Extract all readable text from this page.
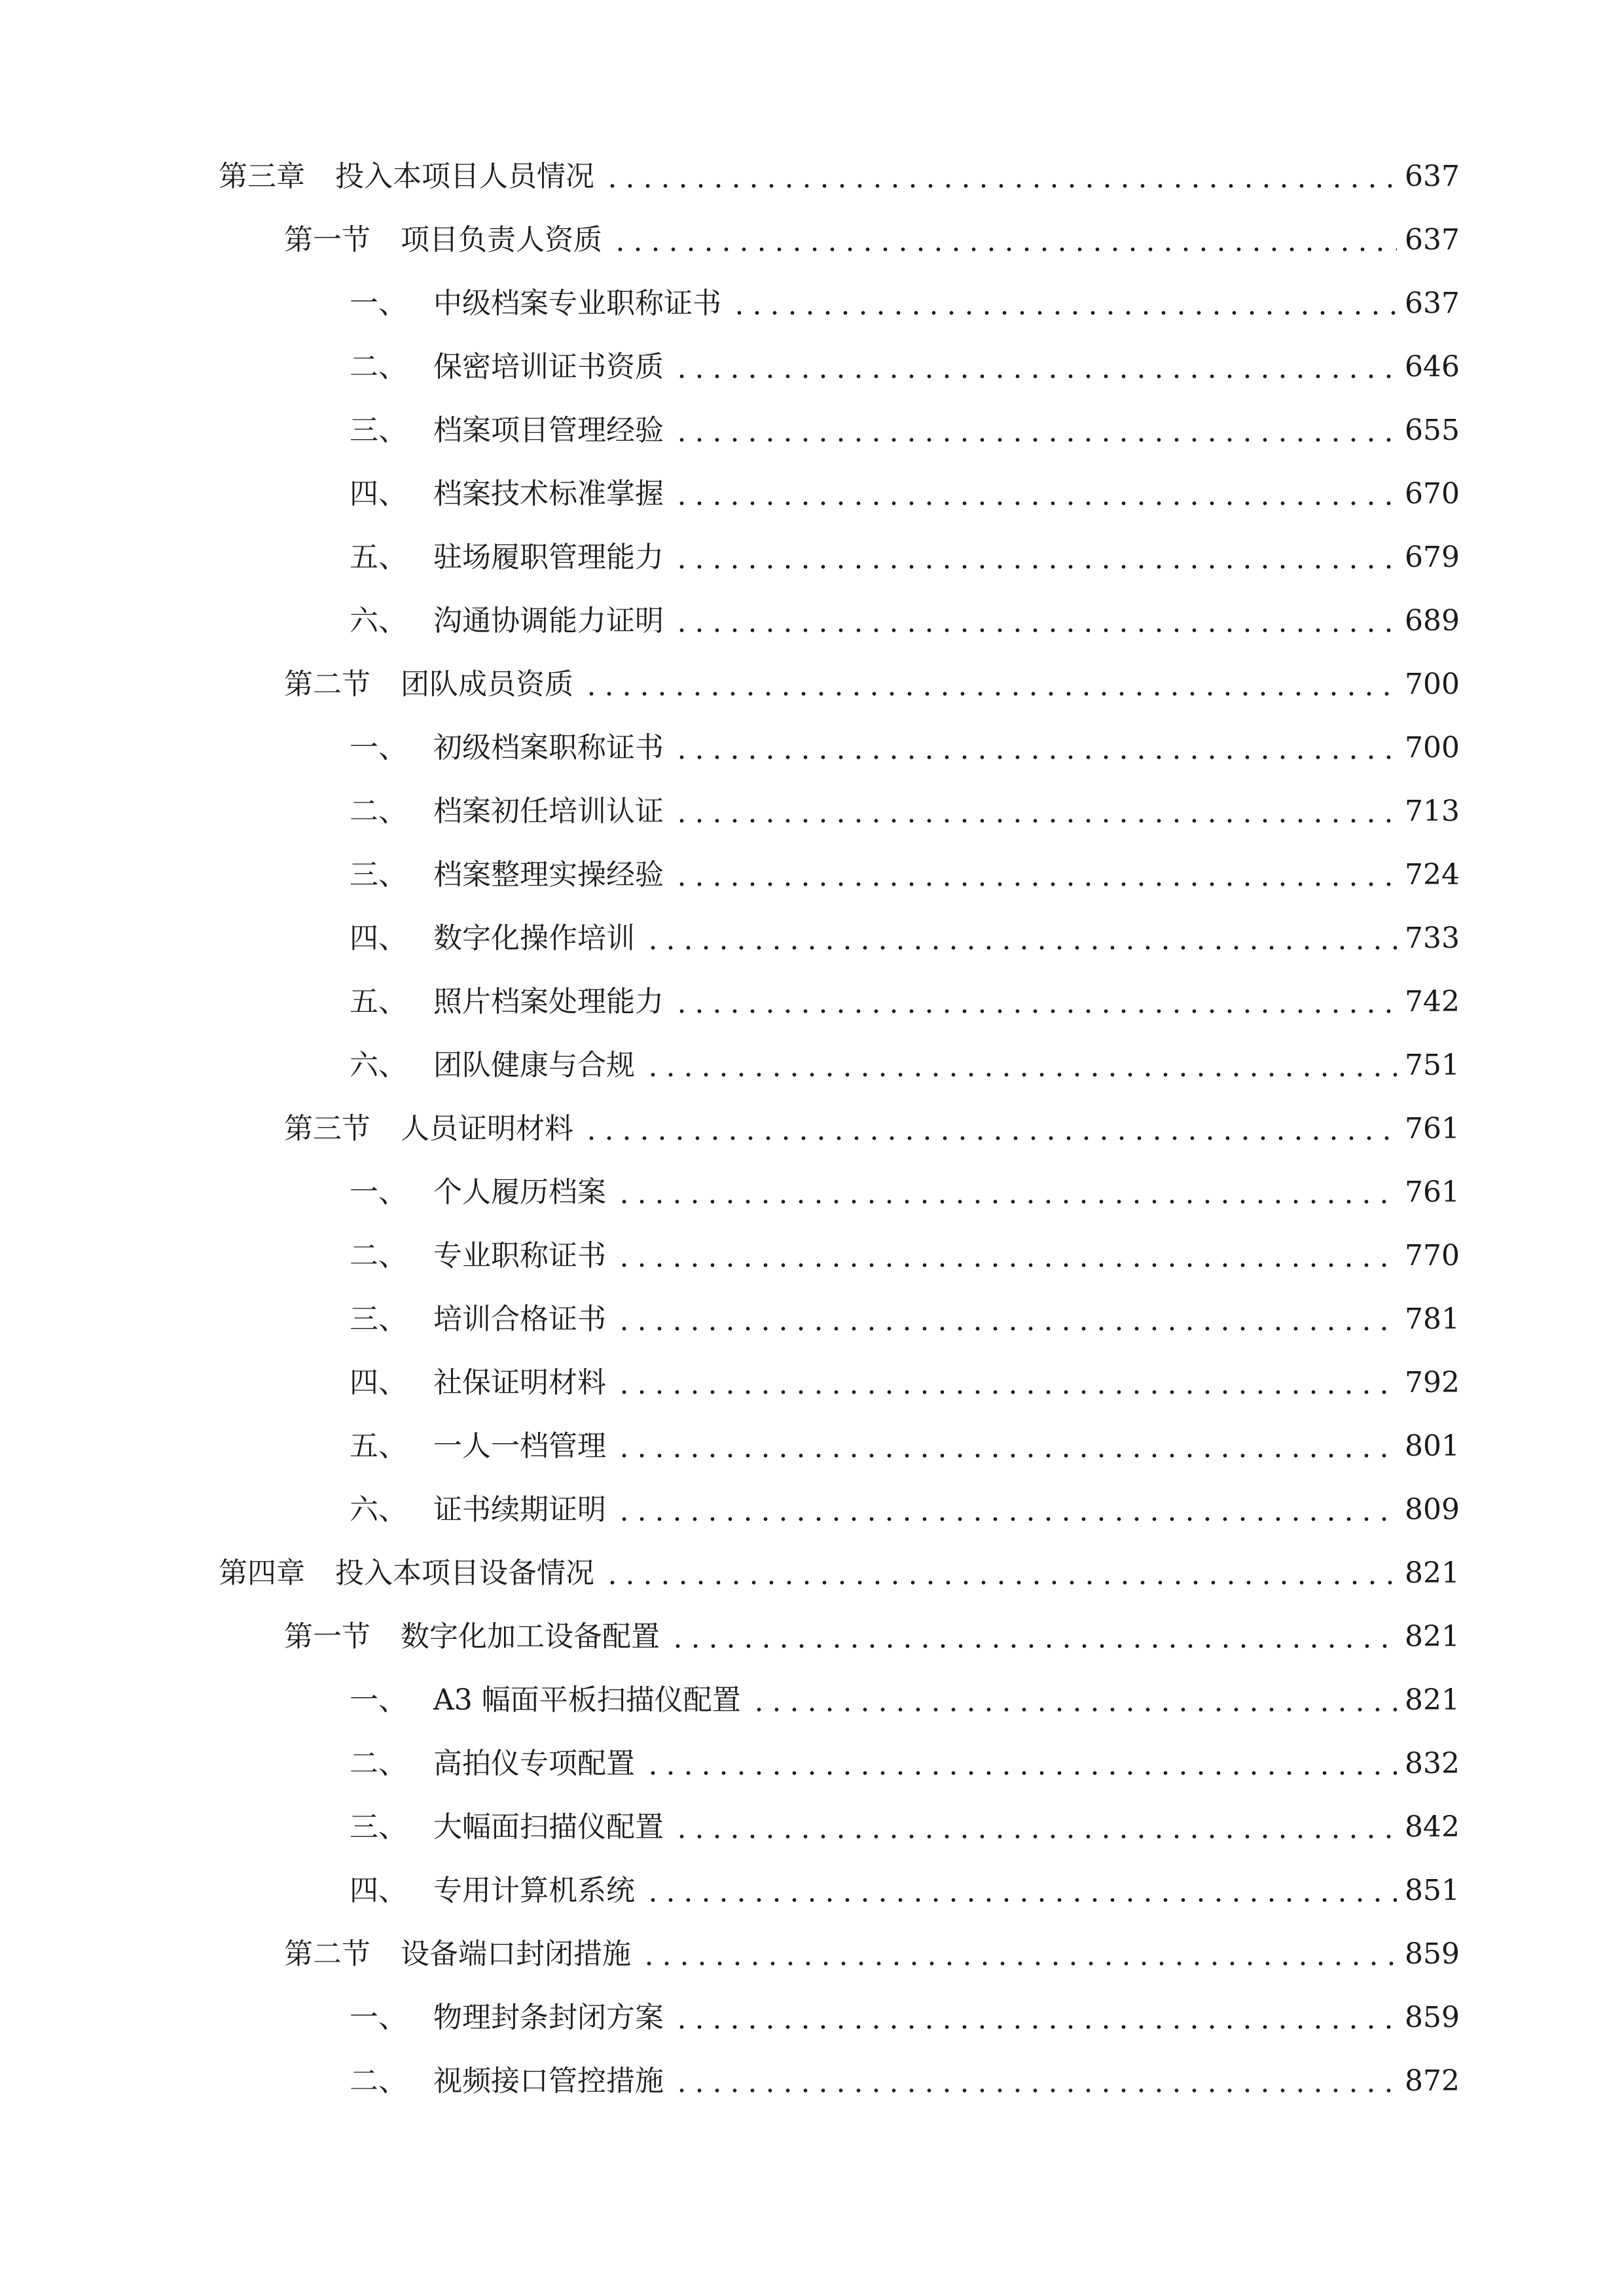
第三章	投入本项目人员情况	637
第一节	项目负责人资质	637
一、 中级档案专业职称证书	637
二、 保密培训证书资质	646
三、 档案项目管理经验	655
四、 档案技术标准掌握	670
五、 驻场履职管理能力	679
六、 沟通协调能力证明	689
第二节	团队成员资质	700
一、 初级档案职称证书	700
二、 档案初任培训认证	713
三、 档案整理实操经验	724
四、 数字化操作培训	733
五、 照片档案处理能力	742
六、 团队健康与合规	751
第三节	人员证明材料	761
一、 个人履历档案	761
二、 专业职称证书	770
三、 培训合格证书	781
四、 社保证明材料	792
五、 一人一档管理	801
六、 证书续期证明	809
第四章	投入本项目设备情况	821
第一节	数字化加工设备配置	821
一、 A3 幅面平板扫描仪配置	821
二、 高拍仪专项配置	832
三、 大幅面扫描仪配置	842
四、 专用计算机系统	851
第二节	设备端口封闭措施	859
一、 物理封条封闭方案	859
二、 视频接口管控措施	872
